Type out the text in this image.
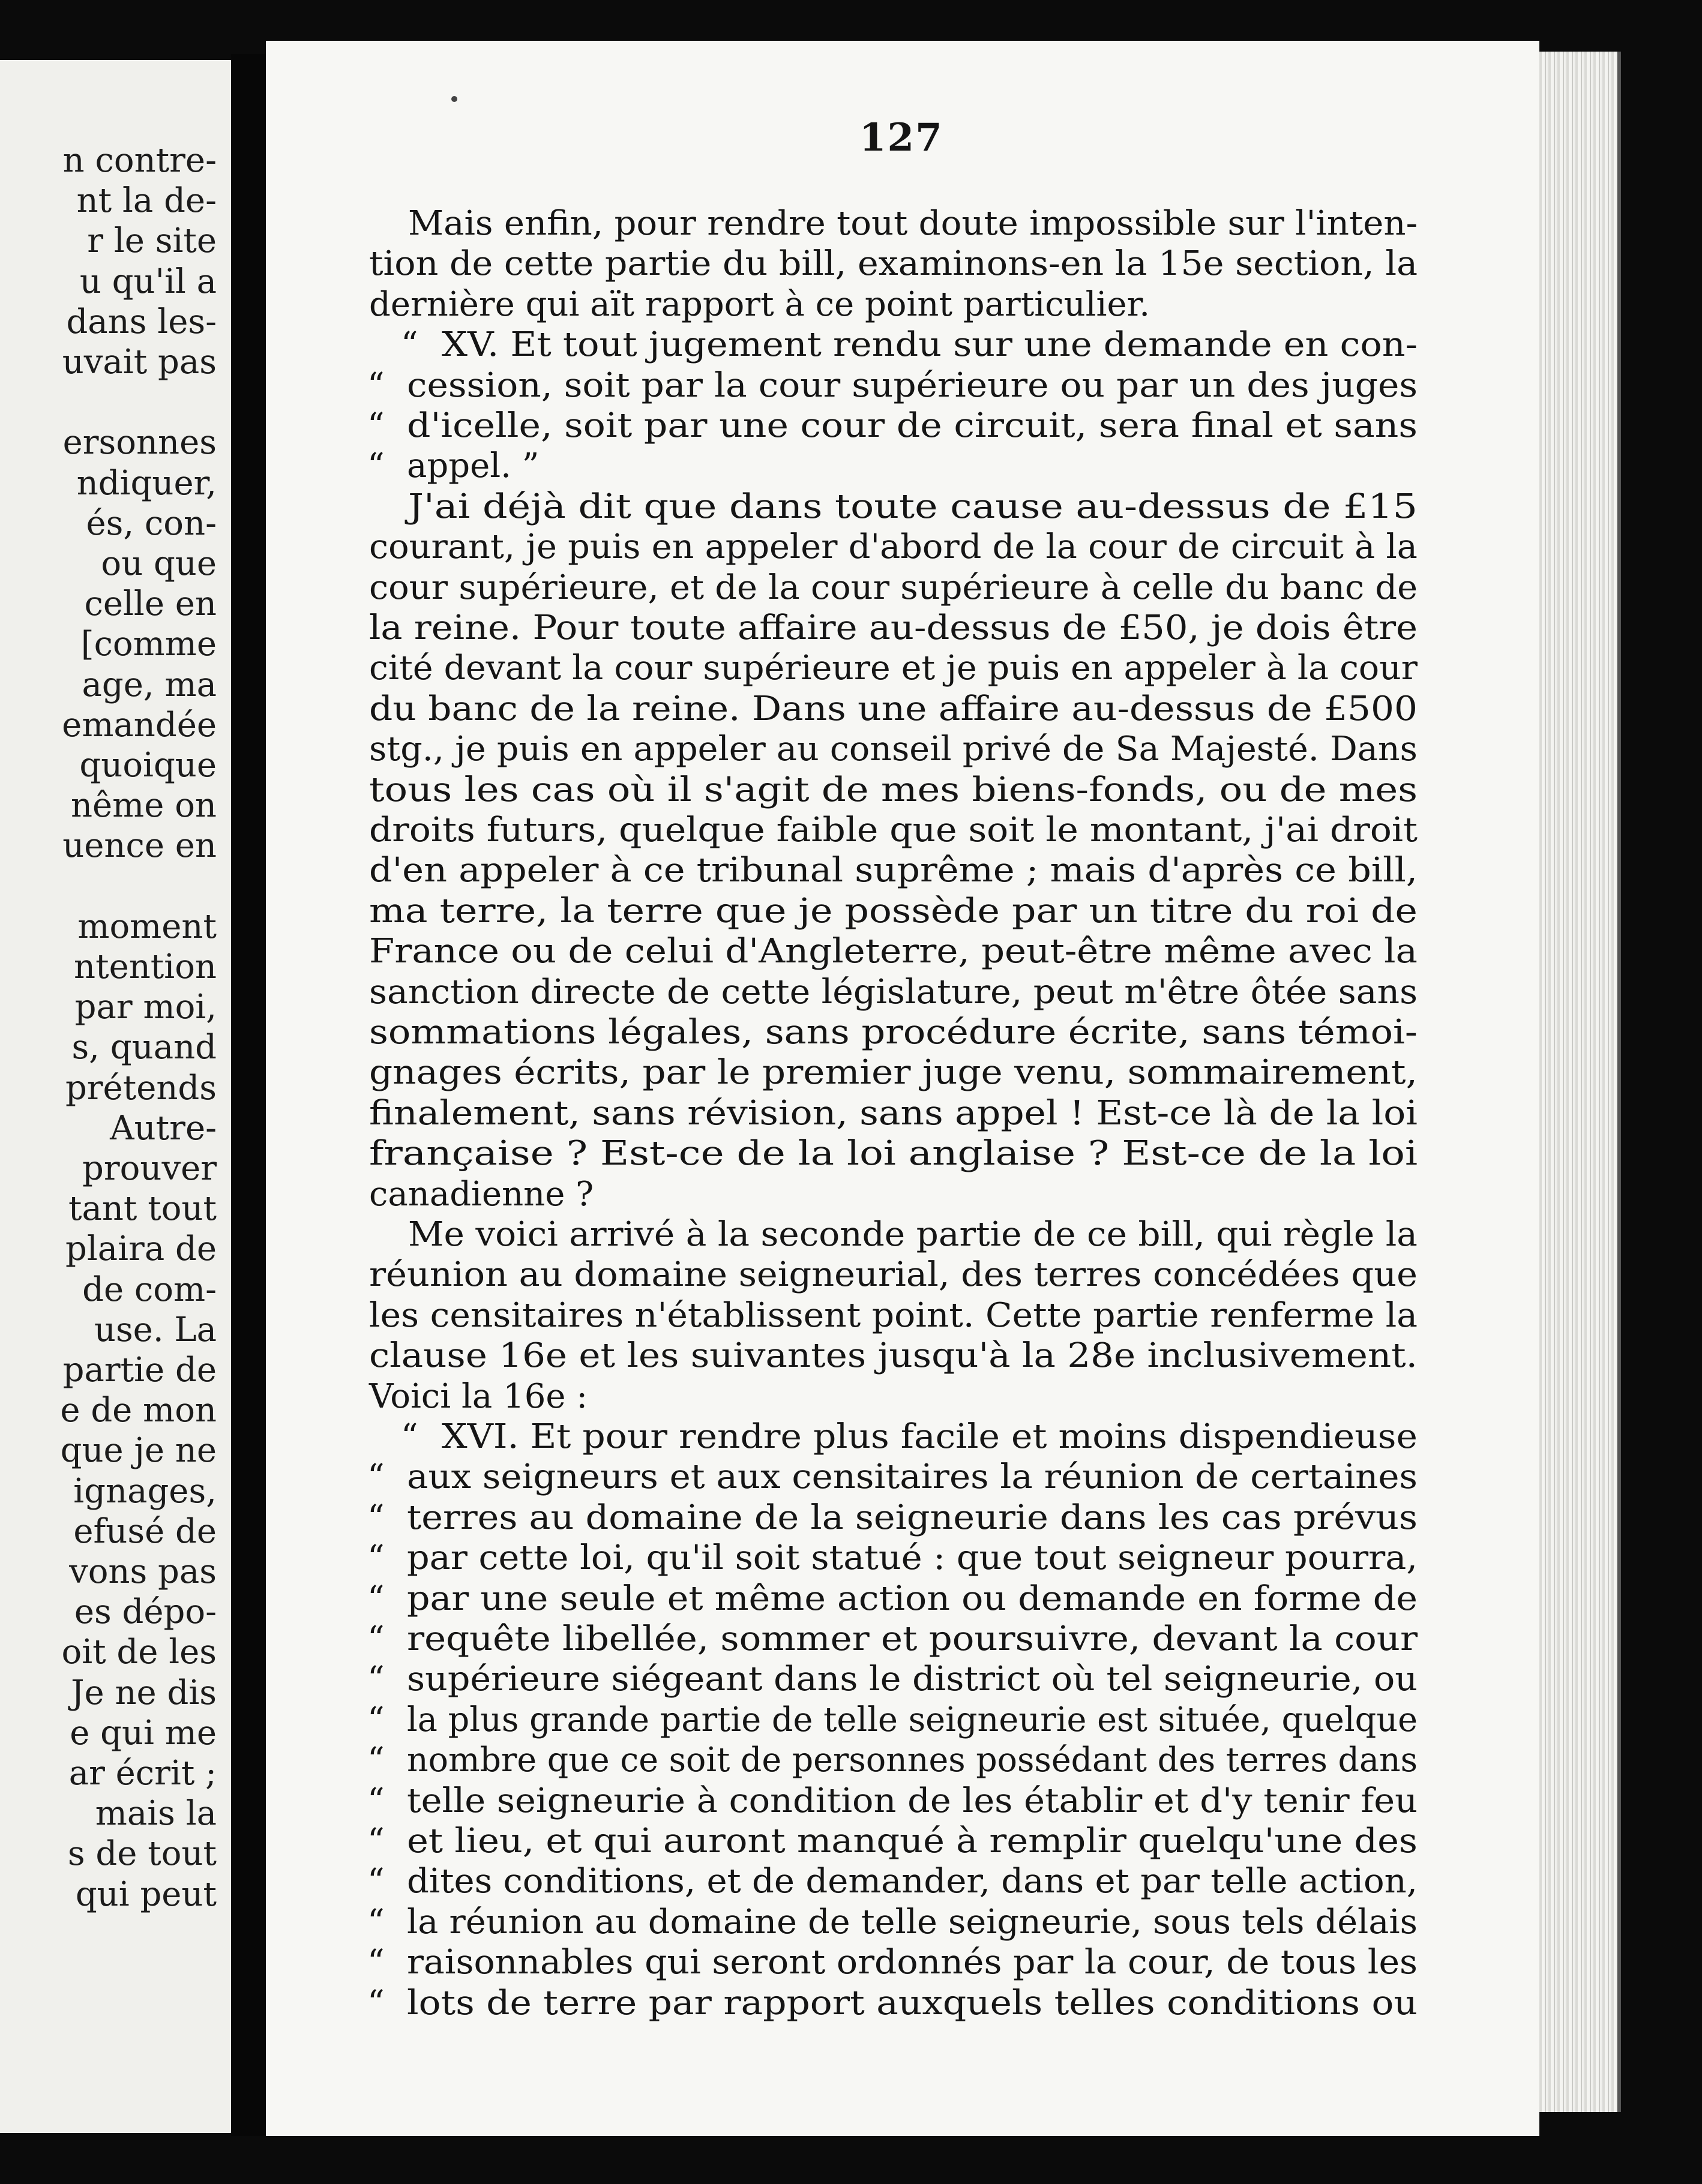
n contre-
nt la de-
r le site
u qu'il a
dans les-
uvait pas
ersonnes
ndiquer,
és, con-
ou que
celle en
[comme
age, ma
emandée
quoique
nême on
uence en
moment
ntention
par moi,
s, quand
prétends
Autre-
prouver
tant tout
plaira de
de com-
use. La
partie de
e de mon
que je ne
ignages,
efusé de
vons pas
es dépo-
oit de les
Je ne dis
e qui me
ar écrit ;
mais la
s de tout
qui peut
127
Mais enfin, pour rendre tout doute impossible sur l'inten-
tion de cette partie du bill, examinons-en la 15e section, la
dernière qui aït rapport à ce point particulier.
“ XV. Et tout jugement rendu sur une demande en con-
“ cession, soit par la cour supérieure ou par un des juges
“ d'icelle, soit par une cour de circuit, sera final et sans
“ appel. ”
J'ai déjà dit que dans toute cause au-dessus de £15
courant, je puis en appeler d'abord de la cour de circuit à la
cour supérieure, et de la cour supérieure à celle du banc de
la reine. Pour toute affaire au-dessus de £50, je dois être
cité devant la cour supérieure et je puis en appeler à la cour
du banc de la reine. Dans une affaire au-dessus de £500
stg., je puis en appeler au conseil privé de Sa Majesté. Dans
tous les cas où il s'agit de mes biens-fonds, ou de mes
droits futurs, quelque faible que soit le montant, j'ai droit
d'en appeler à ce tribunal suprême ; mais d'après ce bill,
ma terre, la terre que je possède par un titre du roi de
France ou de celui d'Angleterre, peut-être même avec la
sanction directe de cette législature, peut m'être ôtée sans
sommations légales, sans procédure écrite, sans témoi-
gnages écrits, par le premier juge venu, sommairement,
finalement, sans révision, sans appel ! Est-ce là de la loi
française ? Est-ce de la loi anglaise ? Est-ce de la loi
canadienne ?
Me voici arrivé à la seconde partie de ce bill, qui règle la
réunion au domaine seigneurial, des terres concédées que
les censitaires n'établissent point. Cette partie renferme la
clause 16e et les suivantes jusqu'à la 28e inclusivement.
Voici la 16e :
“ XVI. Et pour rendre plus facile et moins dispendieuse
“ aux seigneurs et aux censitaires la réunion de certaines
“ terres au domaine de la seigneurie dans les cas prévus
“ par cette loi, qu'il soit statué : que tout seigneur pourra,
“ par une seule et même action ou demande en forme de
“ requête libellée, sommer et poursuivre, devant la cour
“ supérieure siégeant dans le district où tel seigneurie, ou
“ la plus grande partie de telle seigneurie est située, quelque
“ nombre que ce soit de personnes possédant des terres dans
“ telle seigneurie à condition de les établir et d'y tenir feu
“ et lieu, et qui auront manqué à remplir quelqu'une des
“ dites conditions, et de demander, dans et par telle action,
“ la réunion au domaine de telle seigneurie, sous tels délais
“ raisonnables qui seront ordonnés par la cour, de tous les
“ lots de terre par rapport auxquels telles conditions ou
